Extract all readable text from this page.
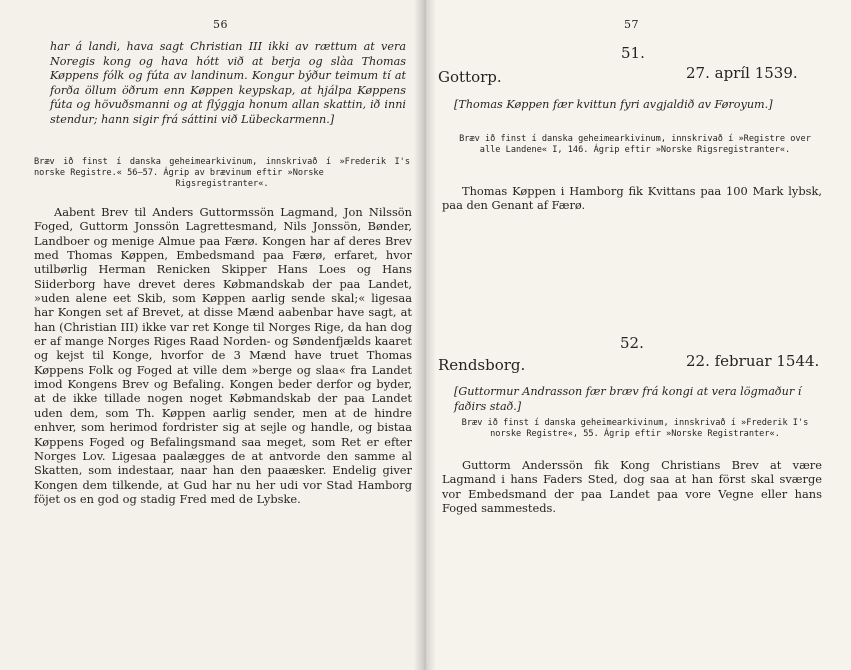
56
har á landi, hava sagt Christian III ikki av rættum at vera Noregis kong og hava hótt við at berja og slàa Thomas Køppens fólk og fúta av landinum. Kongur býður teimum tí at forða öllum öðrum enn Køppen keypskap, at hjálpa Køppens fúta og hövuðsmanni og at flýggja honum allan skattin, ið inni stendur; hann sigir frá sáttini við Lübeckarmenn.]
Bræv ið finst í danska geheimearkivinum, innskrivað í »Frederik I's norske Registre.« 56—57. Ágrip av brævinum eftir »Norske
Rigsregistranter«.
Aabent Brev til Anders Guttormssön Lagmand, Jon Nilssön Foged, Guttorm Jonssön Lagrettesmand, Nils Jonssön, Bønder, Landboer og menige Almue paa Færø. Kongen har af deres Brev med Thomas Køppen, Embedsmand paa Færø, erfaret, hvor utilbørlig Herman Renicken Skipper Hans Loes og Hans Siiderborg have drevet deres Købmandskab der paa Landet, »uden alene eet Skib, som Køppen aarlig sende skal;« ligesaa har Kongen set af Brevet, at disse Mænd aabenbar have sagt, at han (Christian III) ikke var ret Konge til Norges Rige, da han dog er af mange Norges Riges Raad Norden- og Søndenfjælds kaaret og kejst til Konge, hvorfor de 3 Mænd have truet Thomas Køppens Folk og Foged at ville dem »berge og slaa« fra Landet imod Kongens Brev og Befaling. Kongen beder derfor og byder, at de ikke tillade nogen noget Købmandskab der paa Landet uden dem, som Th. Køppen aarlig sender, men at de hindre enhver, som herimod fordrister sig at sejle og handle, og bistaa Køppens Foged og Befalingsmand saa meget, som Ret er efter Norges Lov. Ligesaa paalægges de at antvorde den samme al Skatten, som indestaar, naar han den paaæsker. Endelig giver Kongen dem tilkende, at Gud har nu her udi vor Stad Hamborg föjet os en god og stadig Fred med de Lybske.
57
51.
Gottorp.	27. apríl 1539.
[Thomas Køppen fær kvittun fyri avgjaldið av Føroyum.]
Bræv ið finst í danska geheimearkivinum, innskrivað í »Registre over alle Landene« I, 146. Ágrip eftir »Norske Rigsregistranter«.
Thomas Køppen i Hamborg fik Kvittans paa 100 Mark lybsk, paa den Genant af Færø.
52.
Rendsborg.	22. februar 1544.
[Guttormur Andrasson fær bræv frá kongi at vera lögmaður í faðirs stað.]
Bræv ið finst í danska geheimearkivinum, innskrivað í »Frederik I's norske Registre«, 55. Ágrip eftir »Norske Registranter«.
Guttorm Anderssön fik Kong Christians Brev at være Lagmand i hans Faders Sted, dog saa at han först skal sværge vor Embedsmand der paa Landet paa vore Vegne eller hans Foged sammesteds.
